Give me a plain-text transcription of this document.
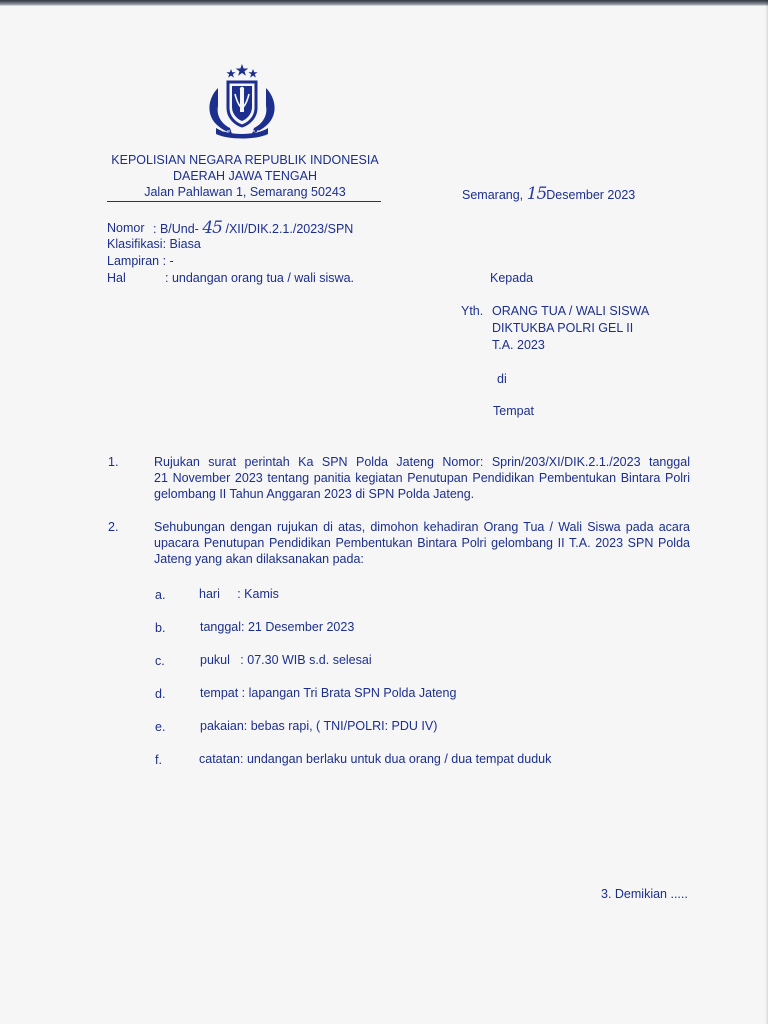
KEPOLISIAN NEGARA REPUBLIK INDONESIA
DAERAH JAWA TENGAH
Jalan Pahlawan 1, Semarang 50243	Semarang, 15Desember 2023
Nomor : B/Und- 45 /XII/DIK.2.1./2023/SPN
Klasifikasi: Biasa
Lampiran : -
Hal	: undangan orang tua / wali siswa.	Kepada
Yth. ORANG TUA / WALI SISWA
DIKTUKBA POLRI GEL II
T.A. 2023
di
Tempat
1.	Rujukan surat perintah Ka SPN Polda Jateng Nomor: Sprin/203/XI/DIK.2.1./2023 tanggal
21 November 2023 tentang panitia kegiatan Penutupan Pendidikan Pembentukan Bintara Polri
gelombang II Tahun Anggaran 2023 di SPN Polda Jateng.
2.	Sehubungan dengan rujukan di atas, dimohon kehadiran Orang Tua / Wali Siswa pada acara
upacara Penutupan Pendidikan Pembentukan Bintara Polri gelombang II T.A. 2023 SPN Polda
Jateng yang akan dilaksanakan pada:
a.	hari     : Kamis
b.	tanggal: 21 Desember 2023
c.	pukul   : 07.30 WIB s.d. selesai
d.	tempat : lapangan Tri Brata SPN Polda Jateng
e.	pakaian: bebas rapi, ( TNI/POLRI: PDU IV)
f.	catatan: undangan berlaku untuk dua orang / dua tempat duduk
3. Demikian .....
